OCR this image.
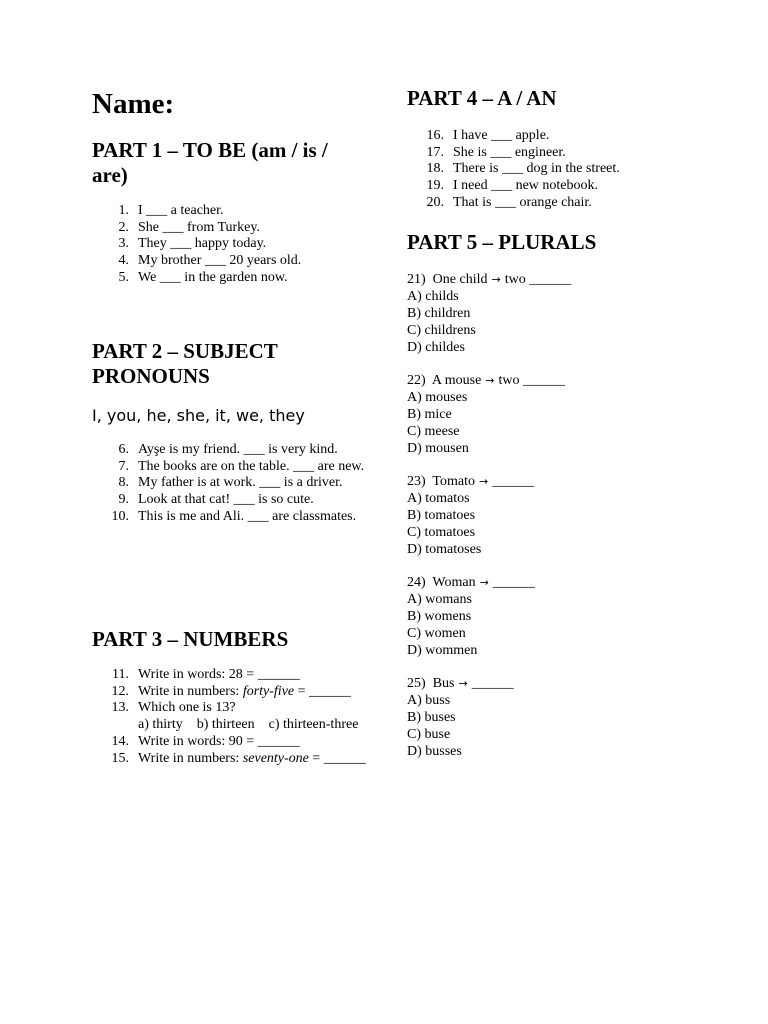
Name:
PART 1 – TO BE (am / is / are)
1. I ___ a teacher.
2. She ___ from Turkey.
3. They ___ happy today.
4. My brother ___ 20 years old.
5. We ___ in the garden now.
PART 2 – SUBJECT PRONOUNS
I, you, he, she, it, we, they
6. Ayşe is my friend. ___ is very kind.
7. The books are on the table. ___ are new.
8. My father is at work. ___ is a driver.
9. Look at that cat! ___ is so cute.
10. This is me and Ali. ___ are classmates.
PART 3 – NUMBERS
11. Write in words: 28 = ______
12. Write in numbers: forty-five = ______
13. Which one is 13?
a) thirty    b) thirteen    c) thirteen-three
14. Write in words: 90 = ______
15. Write in numbers: seventy-one = ______
PART 4 – A / AN
16. I have ___ apple.
17. She is ___ engineer.
18. There is ___ dog in the street.
19. I need ___ new notebook.
20. That is ___ orange chair.
PART 5 – PLURALS
21) One child → two ______
A) childs
B) children
C) childrens
D) childes
22) A mouse → two ______
A) mouses
B) mice
C) meese
D) mousen
23) Tomato → ______
A) tomatos
B) tomatoes
C) tomatoes
D) tomatoses
24) Woman → ______
A) womans
B) womens
C) women
D) wommen
25) Bus → ______
A) buss
B) buses
C) buse
D) busses
